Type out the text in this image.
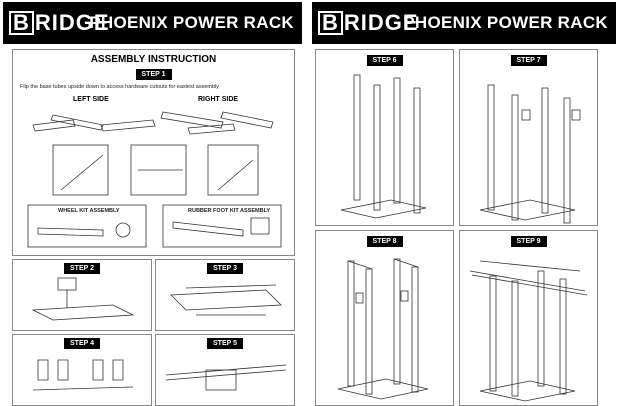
B RIDGE
PHOENIX POWER RACK
ASSEMBLY INSTRUCTION
STEP 1
Flip the base tubes upside down to access hardware cutouts for easiest assembly
LEFT SIDE	RIGHT SIDE
WHEEL KIT ASSEMBLY	RUBBER FOOT KIT ASSEMBLY
STEP 2	STEP 3
STEP 4	STEP 5
B RIDGE
PHOENIX POWER RACK
STEP 6	STEP 7
STEP 8	STEP 9
